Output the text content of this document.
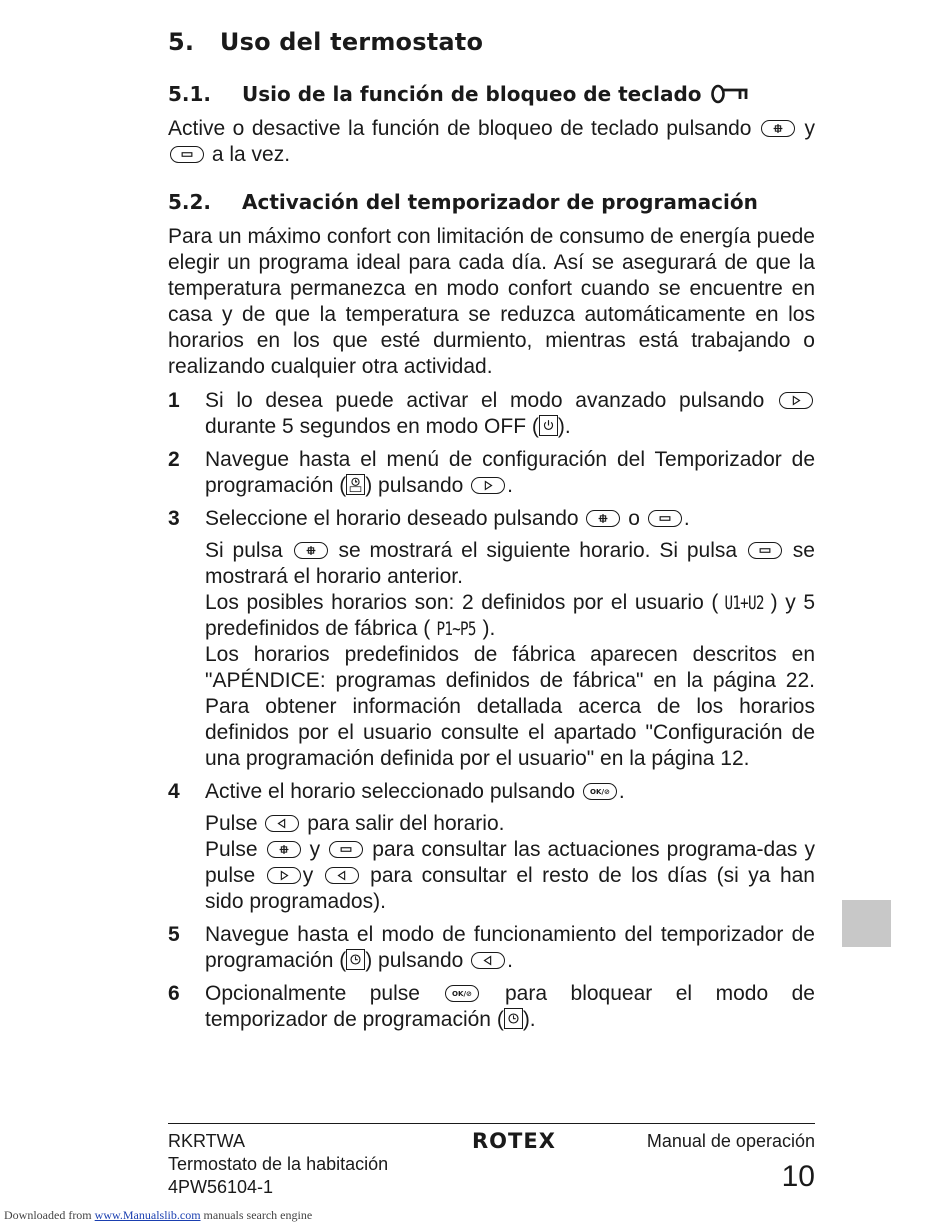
5. Uso del termostato
5.1.	Usio de la función de bloqueo de teclado

Active o desactive la función de bloqueo de teclado pulsando	y
a la vez.

5.2.	Activación del temporizador de programación

Para un máximo confort con limitación de consumo de energía puede elegir un programa ideal para cada día. Así se asegurará de que la temperatura permanezca en modo confort cuando se encuentre en casa y de que la temperatura se reduzca automáticamente en los horarios en los que esté durmiento, mientras está trabajando o realizando cualquier otra actividad.

1	Si lo desea puede activar el modo avanzado pulsando
durante 5 segundos en modo OFF ( ).
2	Navegue hasta el menú de configuración del Temporizador de programación ( ) pulsando .
3	Seleccione el horario deseado pulsando o .
Si pulsa	se mostrará el siguiente horario. Si pulsa	se mostrará el horario anterior.
Los posibles horarios son: 2 definidos por el usuario ( U1+U2 ) y 5 predefinidos de fábrica ( P1~P5 ).
Los horarios predefinidos de fábrica aparecen descritos en "APÉNDICE: programas definidos de fábrica" en la página 22. Para obtener información detallada acerca de los horarios definidos por el usuario consulte el apartado "Configuración de una programación definida por el usuario" en la página 12.
4	Active el horario seleccionado pulsando OK/⊘ .
Pulse para salir del horario.
Pulse y para consultar las actuaciones programa-das y pulse y	para consultar el resto de los días (si ya han sido programados).
5	Navegue hasta el modo de funcionamiento del temporizador de programación ( ) pulsando .
6	Opcionalmente pulse	OK/⊘ para bloquear el modo de temporizador de programación ( ).
RKRTWA
Termostato de la habitación
4PW56104-1
ROTEX	Manual de operación
10
Downloaded from www.Manualslib.com manuals search engine
